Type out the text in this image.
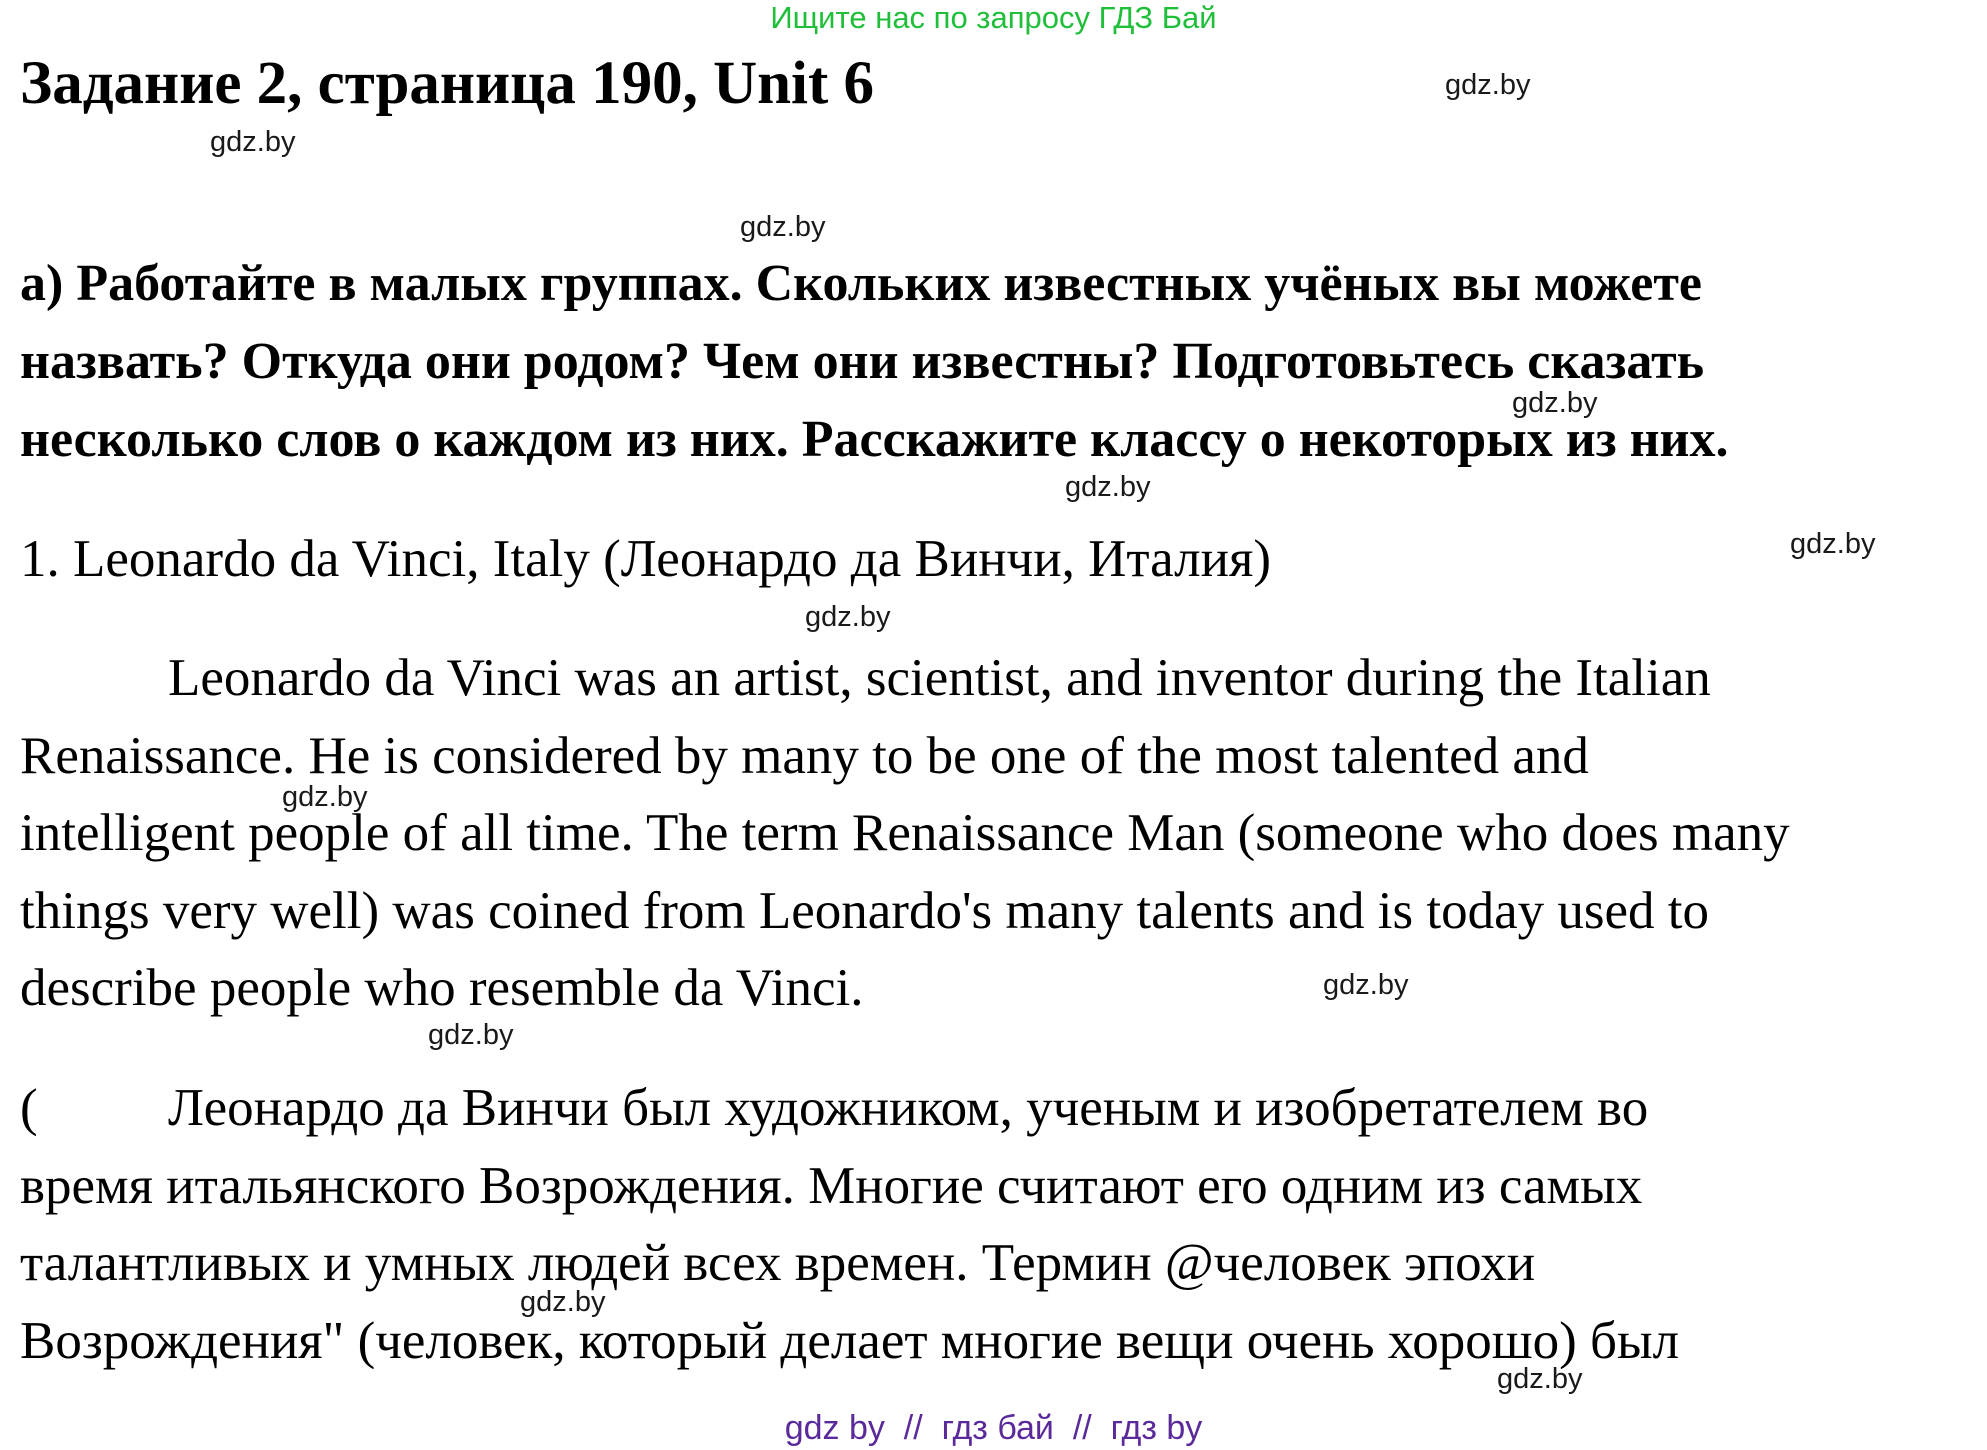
Ищите нас по запросу ГДЗ Бай
Задание 2, страница 190, Unit 6
а) Работайте в малых группах. Скольких известных учёных вы можете
назвать? Откуда они родом? Чем они известны? Подготовьтесь сказать
несколько слов о каждом из них. Расскажите классу о некоторых из них.
1. Leonardo da Vinci, Italy (Леонардо да Винчи, Италия)
Leonardo da Vinci was an artist, scientist, and inventor during the Italian
Renaissance. He is considered by many to be one of the most talented and
intelligent people of all time. The term Renaissance Man (someone who does many
things very well) was coined from Leonardo's many talents and is today used to
describe people who resemble da Vinci.
( Леонардо да Винчи был художником, ученым и изобретателем во
время итальянского Возрождения. Многие считают его одним из самых
талантливых и умных людей всех времен. Термин @человек эпохи
Возрождения" (человек, который делает многие вещи очень хорошо) был
gdz.by
gdz.by
gdz.by
gdz.by
gdz.by
gdz.by
gdz.by
gdz.by
gdz.by
gdz.by
gdz.by
gdz.by
gdz by  //  гдз бай  //  гдз by
